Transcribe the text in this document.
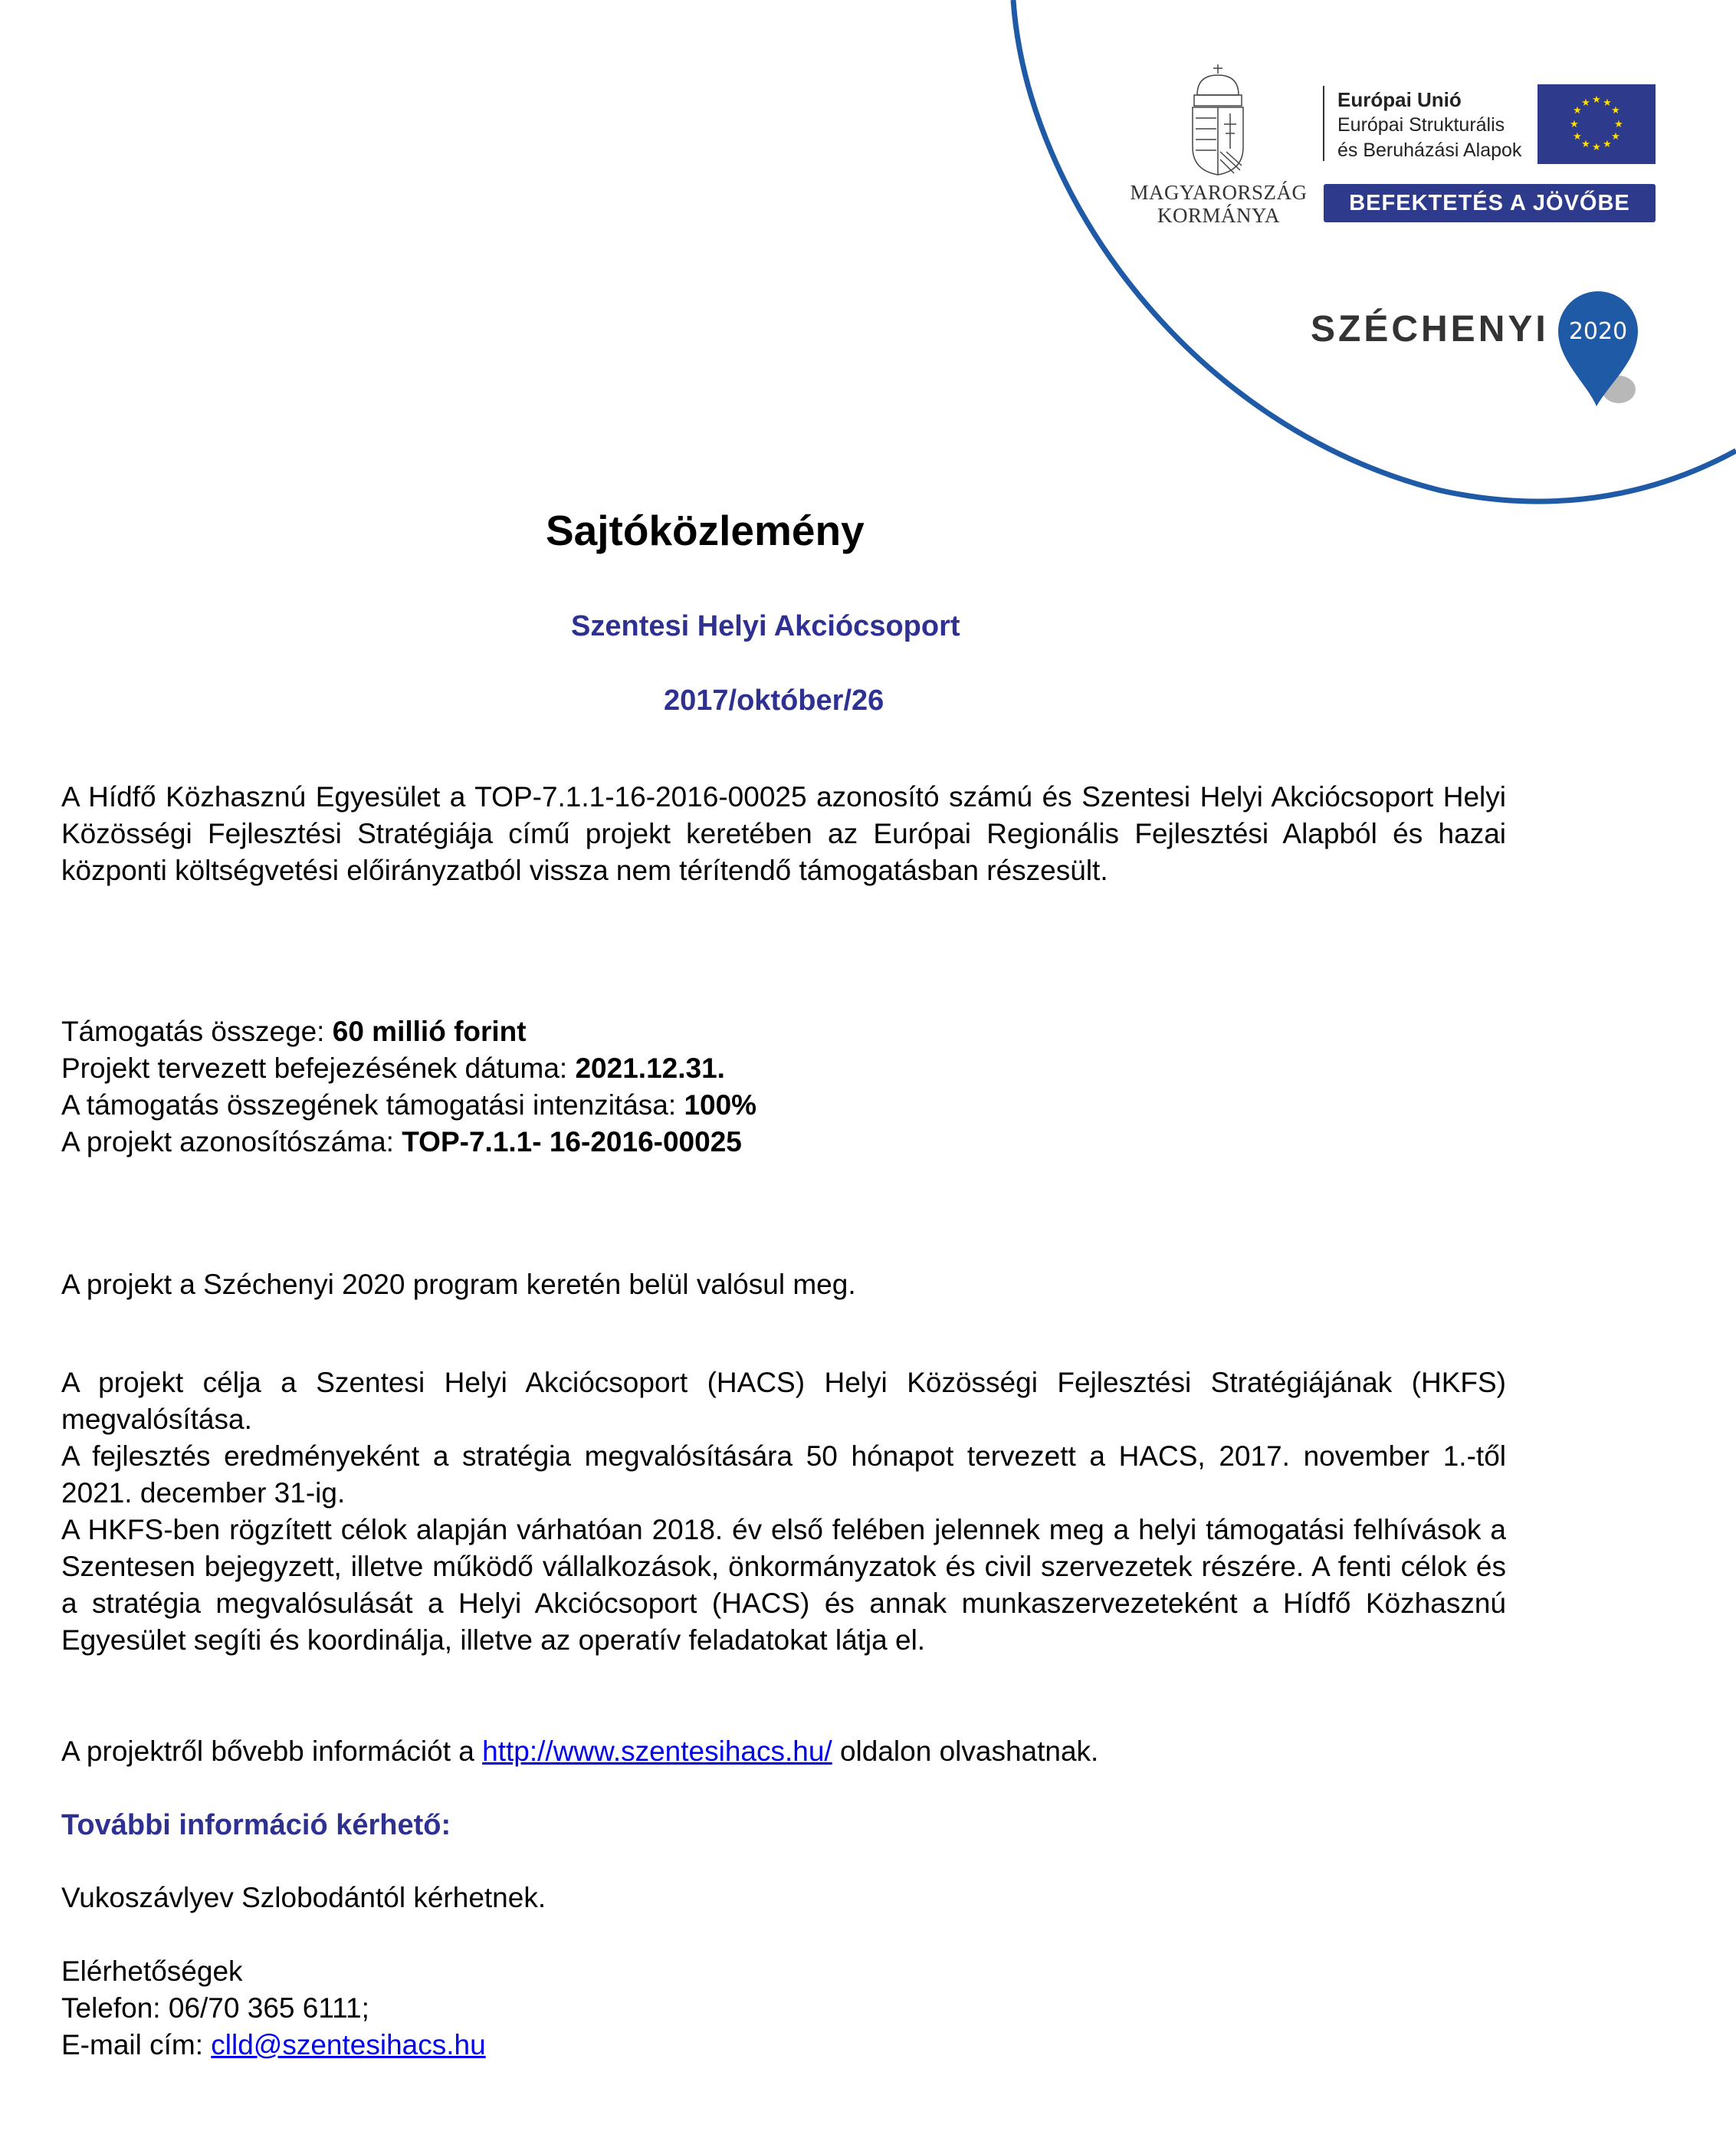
MAGYARORSZÁG
KORMÁNYA
Európai Unió
Európai Strukturális
és Beruházási Alapok
★ ★
★
★
★
★
★
★
★
★
★
★
BEFEKTETÉS A JÖVŐBE
SZÉCHENYI 2020
Sajtóközlemény
Szentesi Helyi Akciócsoport
2017/október/26
A Hídfő Közhasznú Egyesület a TOP-7.1.1-16-2016-00025 azonosító számú és Szentesi Helyi Akciócsoport Helyi Közösségi Fejlesztési Stratégiája című projekt keretében az Európai Regionális Fejlesztési Alapból és hazai központi költségvetési előirányzatból vissza nem térítendő támogatásban részesült.
Támogatás összege: 60 millió forint
Projekt tervezett befejezésének dátuma: 2021.12.31.
A támogatás összegének támogatási intenzitása: 100%
A projekt azonosítószáma: TOP-7.1.1- 16-2016-00025
A projekt a Széchenyi 2020 program keretén belül valósul meg.
A projekt célja a Szentesi Helyi Akciócsoport (HACS) Helyi Közösségi Fejlesztési Stratégiájának (HKFS) megvalósítása.
A fejlesztés eredményeként a stratégia megvalósítására 50 hónapot tervezett a HACS, 2017. november 1.-től 2021. december 31-ig.
A HKFS-ben rögzített célok alapján várhatóan 2018. év első felében jelennek meg a helyi támogatási felhívások a Szentesen bejegyzett, illetve működő vállalkozások, önkormányzatok és civil szervezetek részére. A fenti célok és a stratégia megvalósulását a Helyi Akciócsoport (HACS) és annak munkaszervezeteként a Hídfő Közhasznú Egyesület segíti és koordinálja, illetve az operatív feladatokat látja el.
A projektről bővebb információt a http://www.szentesihacs.hu/ oldalon olvashatnak.
További információ kérhető:
Vukoszávlyev Szlobodántól kérhetnek.
Elérhetőségek
Telefon: 06/70 365 6111;
E-mail cím: clld@szentesihacs.hu
